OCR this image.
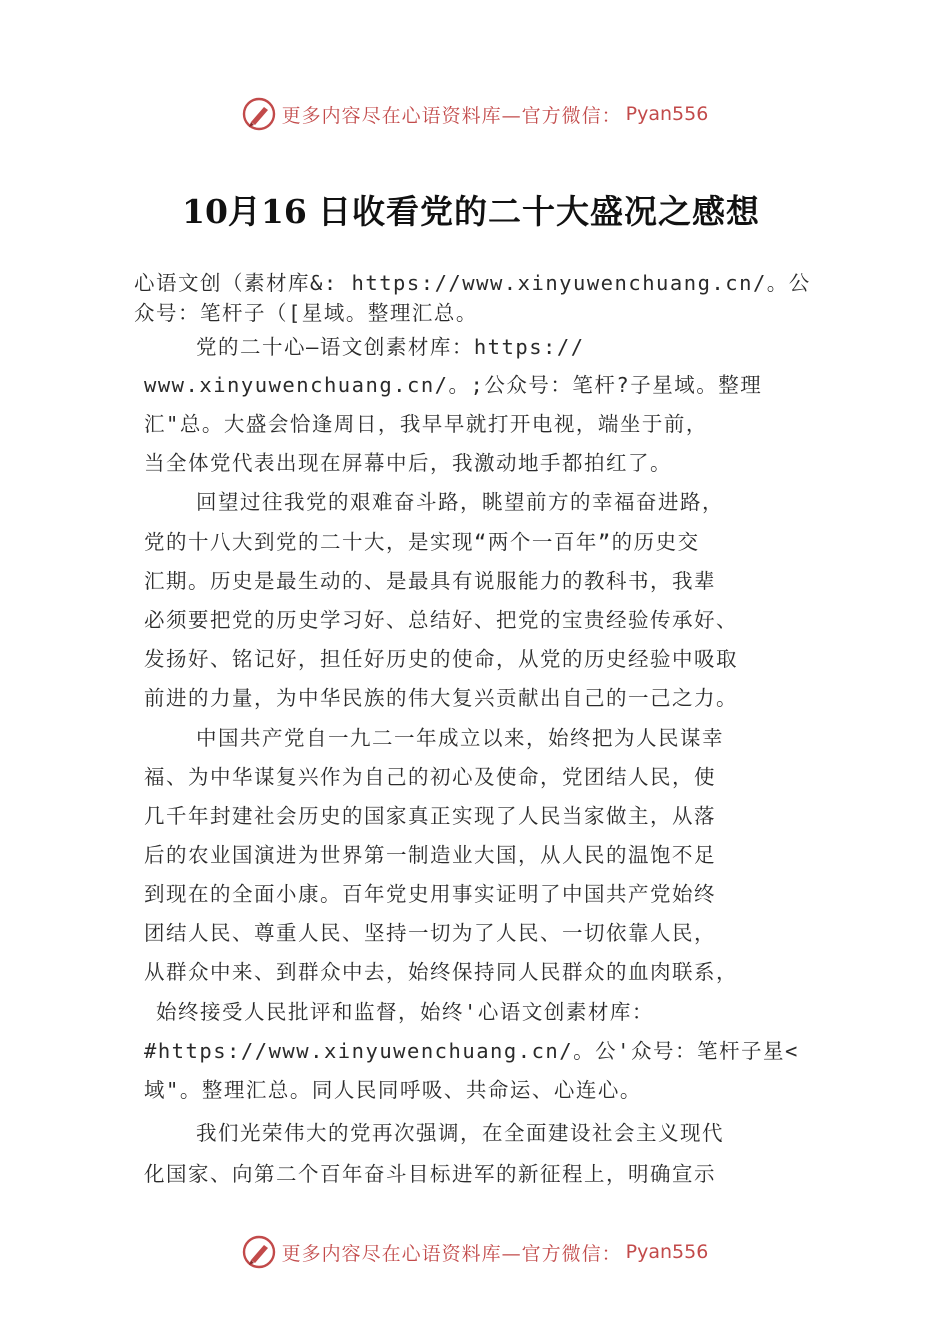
更多内容尽在心语资料库—官方微信： Pyan556
10月16 日收看党的二十大盛况之感想
心语文创（素材库&: https://www.xinyuwenchuang.cn/。公
众号：笔杆子（[星域。整理汇总。
党的二十心—语文创素材库：https://
www.xinyuwenchuang.cn/。;公众号：笔杆?子星域。整理
汇"总。大盛会恰逢周日，我早早就打开电视，端坐于前，
当全体党代表出现在屏幕中后，我激动地手都拍红了。
回望过往我党的艰难奋斗路，眺望前方的幸福奋进路，
党的十八大到党的二十大，是实现“两个一百年”的历史交
汇期。历史是最生动的、是最具有说服能力的教科书，我辈
必须要把党的历史学习好、总结好、把党的宝贵经验传承好、
发扬好、铭记好，担任好历史的使命，从党的历史经验中吸取
前进的力量，为中华民族的伟大复兴贡献出自己的一己之力。
中国共产党自一九二一年成立以来，始终把为人民谋幸
福、为中华谋复兴作为自己的初心及使命，党团结人民，使
几千年封建社会历史的国家真正实现了人民当家做主，从落
后的农业国演进为世界第一制造业大国，从人民的温饱不足
到现在的全面小康。百年党史用事实证明了中国共产党始终
团结人民、尊重人民、坚持一切为了人民、一切依靠人民，
从群众中来、到群众中去，始终保持同人民群众的血肉联系，
始终接受人民批评和监督，始终'心语文创素材库：
#https://www.xinyuwenchuang.cn/。公'众号：笔杆子星<
域"。整理汇总。同人民同呼吸、共命运、心连心。
我们光荣伟大的党再次强调，在全面建设社会主义现代
化国家、向第二个百年奋斗目标进军的新征程上，明确宣示
更多内容尽在心语资料库—官方微信： Pyan556
